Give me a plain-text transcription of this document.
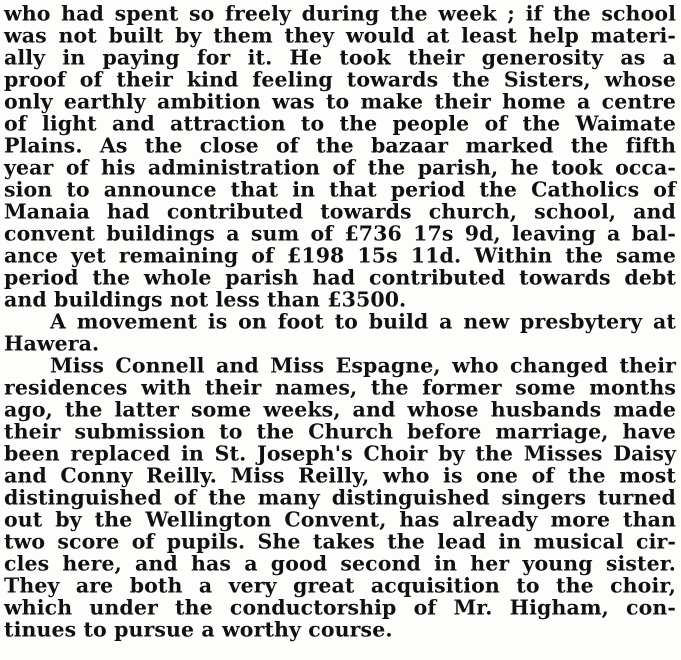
who had spent so freely during the week ; if the school
was not built by them they would at least help materi-
ally in paying for it. He took their generosity as a
proof of their kind feeling towards the Sisters, whose
only earthly ambition was to make their home a centre
of light and attraction to the people of the Waimate
Plains. As the close of the bazaar marked the fifth
year of his administration of the parish, he took occa-
sion to announce that in that period the Catholics of
Manaia had contributed towards church, school, and
convent buildings a sum of £736 17s 9d, leaving a bal-
ance yet remaining of £198 15s 11d. Within the same
period the whole parish had contributed towards debt
and buildings not less than £3500.
A movement is on foot to build a new presbytery at
Hawera.
Miss Connell and Miss Espagne, who changed their
residences with their names, the former some months
ago, the latter some weeks, and whose husbands made
their submission to the Church before marriage, have
been replaced in St. Joseph's Choir by the Misses Daisy
and Conny Reilly. Miss Reilly, who is one of the most
distinguished of the many distinguished singers turned
out by the Wellington Convent, has already more than
two score of pupils. She takes the lead in musical cir-
cles here, and has a good second in her young sister.
They are both a very great acquisition to the choir,
which under the conductorship of Mr. Higham, con-
tinues to pursue a worthy course.
